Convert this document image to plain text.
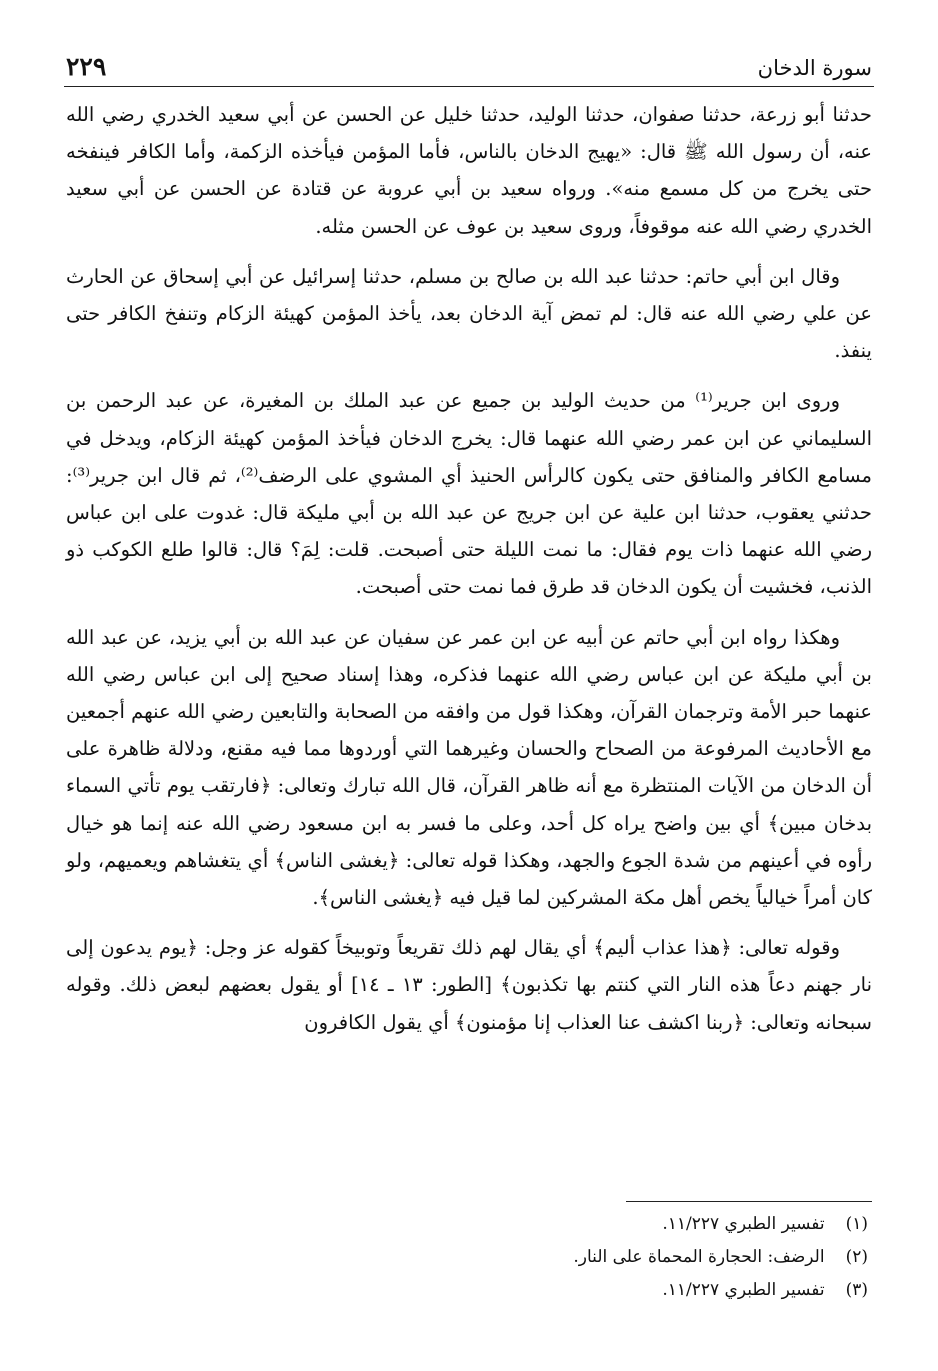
سورة الدخان
٢٢٩

حدثنا أبو زرعة، حدثنا صفوان، حدثنا الوليد، حدثنا خليل عن الحسن عن أبي سعيد الخدري رضي الله عنه، أن رسول الله ﷺ قال: «يهيج الدخان بالناس، فأما المؤمن فيأخذه الزكمة، وأما الكافر فينفخه حتى يخرج من كل مسمع منه». ورواه سعيد بن أبي عروبة عن قتادة عن الحسن عن أبي سعيد الخدري رضي الله عنه موقوفاً، وروى سعيد بن عوف عن الحسن مثله.

وقال ابن أبي حاتم: حدثنا عبد الله بن صالح بن مسلم، حدثنا إسرائيل عن أبي إسحاق عن الحارث عن علي رضي الله عنه قال: لم تمض آية الدخان بعد، يأخذ المؤمن كهيئة الزكام وتنفخ الكافر حتى ينفذ.

وروى ابن جرير⁽¹⁾ من حديث الوليد بن جميع عن عبد الملك بن المغيرة، عن عبد الرحمن بن السليماني عن ابن عمر رضي الله عنهما قال: يخرج الدخان فيأخذ المؤمن كهيئة الزكام، ويدخل في مسامع الكافر والمنافق حتى يكون كالرأس الحنيذ أي المشوي على الرضف⁽²⁾، ثم قال ابن جرير⁽³⁾: حدثني يعقوب، حدثنا ابن علية عن ابن جريج عن عبد الله بن أبي مليكة قال: غدوت على ابن عباس رضي الله عنهما ذات يوم فقال: ما نمت الليلة حتى أصبحت. قلت: لِمَ؟ قال: قالوا طلع الكوكب ذو الذنب، فخشيت أن يكون الدخان قد طرق فما نمت حتى أصبحت.

وهكذا رواه ابن أبي حاتم عن أبيه عن ابن عمر عن سفيان عن عبد الله بن أبي يزيد، عن عبد الله بن أبي مليكة عن ابن عباس رضي الله عنهما فذكره، وهذا إسناد صحيح إلى ابن عباس رضي الله عنهما حبر الأمة وترجمان القرآن، وهكذا قول من وافقه من الصحابة والتابعين رضي الله عنهم أجمعين مع الأحاديث المرفوعة من الصحاح والحسان وغيرهما التي أوردوها مما فيه مقنع، ودلالة ظاهرة على أن الدخان من الآيات المنتظرة مع أنه ظاهر القرآن، قال الله تبارك وتعالى: ﴿فارتقب يوم تأتي السماء بدخان مبين﴾ أي بين واضح يراه كل أحد، وعلى ما فسر به ابن مسعود رضي الله عنه إنما هو خيال رأوه في أعينهم من شدة الجوع والجهد، وهكذا قوله تعالى: ﴿يغشى الناس﴾ أي يتغشاهم ويعميهم، ولو كان أمراً خيالياً يخص أهل مكة المشركين لما قيل فيه ﴿يغشى الناس﴾.

وقوله تعالى: ﴿هذا عذاب أليم﴾ أي يقال لهم ذلك تقريعاً وتوبيخاً كقوله عز وجل: ﴿يوم يدعون إلى نار جهنم دعاً هذه النار التي كنتم بها تكذبون﴾ [الطور: ١٣ ـ ١٤] أو يقول بعضهم لبعض ذلك. وقوله سبحانه وتعالى: ﴿ربنا اكشف عنا العذاب إنا مؤمنون﴾ أي يقول الكافرون

(١) تفسير الطبري ١١/٢٢٧.
(٢) الرضف: الحجارة المحماة على النار.
(٣) تفسير الطبري ١١/٢٢٧.
